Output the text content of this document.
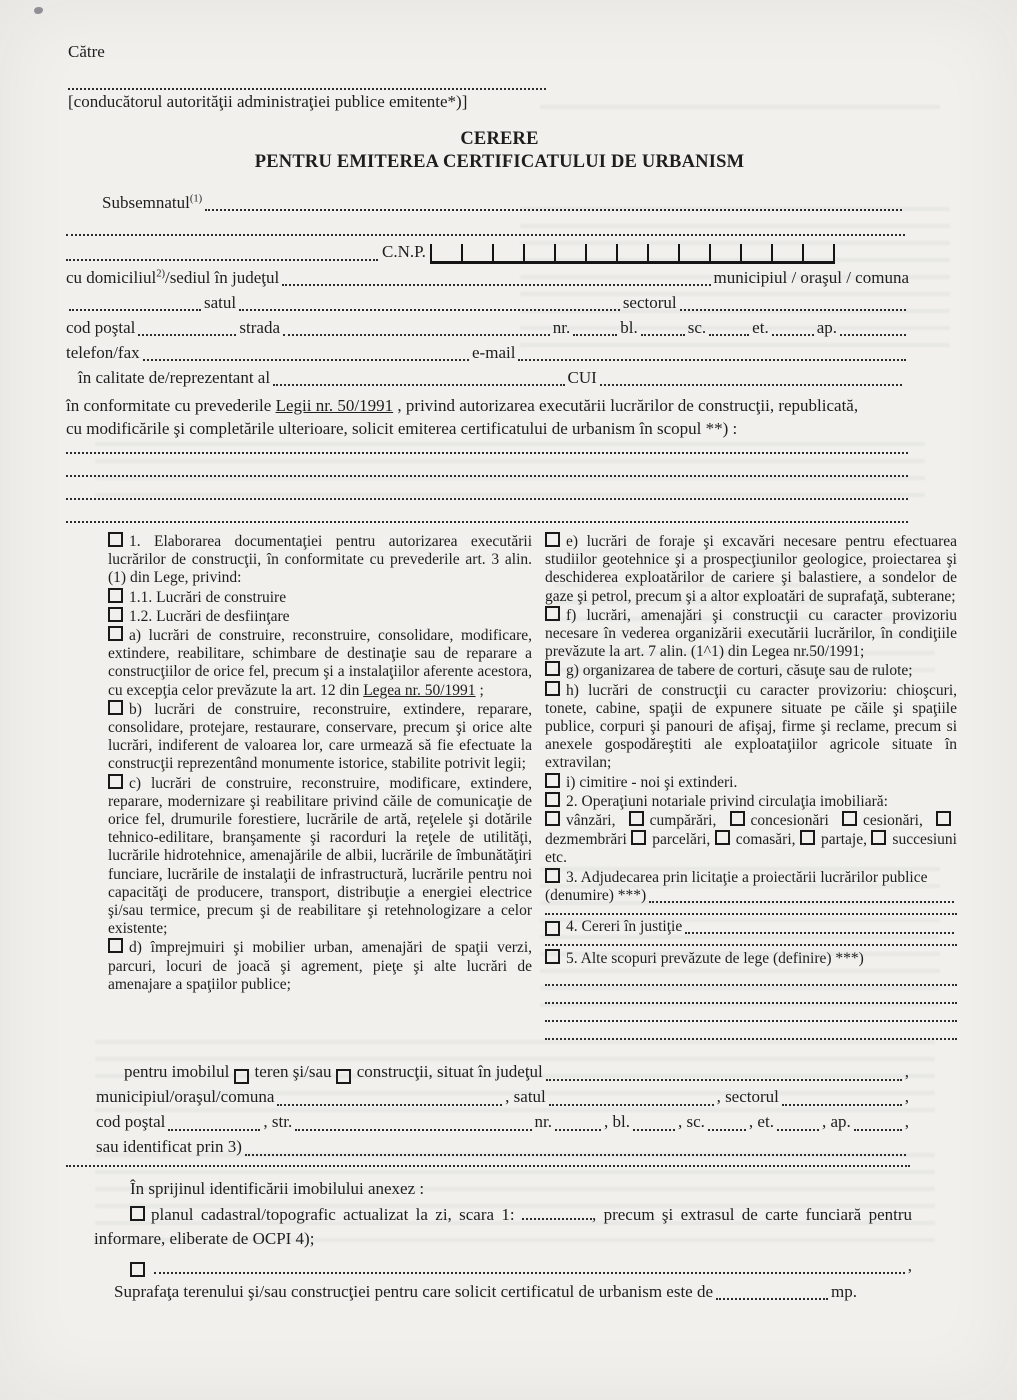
Către
[conducătorul autorităţii administraţiei publice emitente*)]
CERERE
PENTRU EMITEREA CERTIFICATULUI DE URBANISM
Subsemnatul$^{(1)}$
C.N.P.
cu domiciliul$^{2)}$/sediul în judeţul	municipiul / oraşul / comuna
satul	sectorul
cod poştal	strada	nr.	bl.	sc.	et.	ap.
telefon/fax	e-mail
în calitate de/reprezentant al	CUI

în conformitate cu prevederile Legii nr. 50/1991 , privind autorizarea executării lucrărilor de construcţii, republicată,
cu modificările şi completările ulterioare, solicit emiterea certificatului de urbanism în scopul **) :

1. Elaborarea documentaţiei pentru autorizarea executării lucrărilor de construcţii, în conformitate cu prevederile art. 3 alin. (1) din Lege, privind:

1.1. Lucrări de construire

1.2. Lucrări de desfiinţare

a) lucrări de construire, reconstruire, consolidare, modificare, extindere, reabilitare, schimbare de destinaţie sau de reparare a construcţiilor de orice fel, precum şi a instalaţiilor aferente acestora, cu excepţia celor prevăzute la art. 12 din Legea nr. 50/1991 ;

b) lucrări de construire, reconstruire, extindere, reparare, consolidare, protejare, restaurare, conservare, precum şi orice alte lucrări, indiferent de valoarea lor, care urmează să fie efectuate la construcţii reprezentând monumente istorice, stabilite potrivit legii;

c) lucrări de construire, reconstruire, modificare, extindere, reparare, modernizare şi reabilitare privind căile de comunicaţie de orice fel, drumurile forestiere, lucrările de artă, reţelele şi dotările tehnico-edilitare, branşamente şi racorduri la reţele de utilităţi, lucrările hidrotehnice, amenajările de albii, lucrările de îmbunătăţiri funciare, lucrările de instalaţii de infrastructură, lucrările pentru noi capacităţi de producere, transport, distribuţie a energiei electrice şi/sau termice, precum şi de reabilitare şi retehnologizare a celor existente;

d) împrejmuiri şi mobilier urban, amenajări de spaţii verzi, parcuri, locuri de joacă şi agrement, pieţe şi alte lucrări de amenajare a spaţiilor publice;

e) lucrări de foraje şi excavări necesare pentru efectuarea studiilor geotehnice şi a prospecţiunilor geologice, proiectarea şi deschiderea exploatărilor de cariere şi balastiere, a sondelor de gaze şi petrol, precum şi a altor exploatări de suprafaţă, subterane;

f) lucrări, amenajări şi construcţii cu caracter provizoriu necesare în vederea organizării executării lucrărilor, în condiţiile prevăzute la art. 7 alin. (1^1) din Legea nr.50/1991;

g) organizarea de tabere de corturi, căsuţe sau de rulote;

h) lucrări de construcţii cu caracter provizoriu: chioşcuri, tonete, cabine, spaţii de expunere situate pe căile şi spaţiile publice, corpuri şi panouri de afişaj, firme şi reclame, precum si anexele gospodăreştiti ale exploataţiilor agricole situate în extravilan;

i) cimitire - noi şi extinderi.

2. Operaţiuni notariale privind circulaţia imobiliară:

vânzări, cumpărări, concesionări cesionări, dezmembrări parcelări, comasări, partaje, succesiuni etc.

3. Adjudecarea prin licitaţie a proiectării lucrărilor publice

(denumire) ***)
4. Cereri în justiţie

5. Alte scopuri prevăzute de lege (definire) ***)

pentru imobilul
teren şi/sau
construcţii, situat în judeţul	,
municipiul/oraşul/comuna	, satul	, sectorul	,
cod poştal	, str.	nr.	, bl.	, sc.	, et.	, ap.	,
sau identificat prin 3)
În sprijinul identificării imobilului anexez :

planul cadastral/topografic actualizat la zi, scara 1:	, precum şi extrasul de carte funciară pentru informare, eliberate de OCPI 4);

,
Suprafaţa terenului şi/sau construcţiei pentru care solicit certificatul de urbanism este de	mp.
